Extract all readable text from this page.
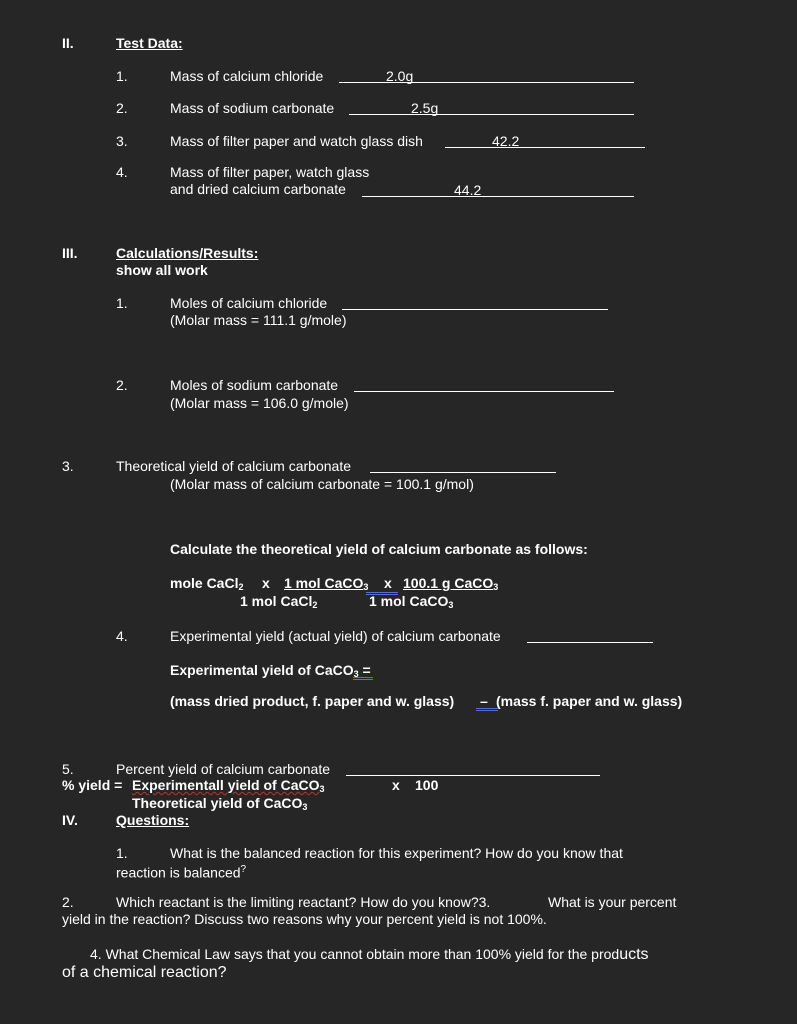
II.	Test Data:
1.	Mass of calcium chloride	2.0g
2.	Mass of sodium carbonate	2.5g
3.	Mass of filter paper and watch glass dish	42.2
4.	Mass of filter paper, watch glass
and dried calcium carbonate	44.2
III.	Calculations/Results:
show all work
1.	Moles of calcium chloride
(Molar mass = 111.1 g/mole)
2.	Moles of sodium carbonate
(Molar mass = 106.0 g/mole)
3.	Theoretical yield of calcium carbonate
(Molar mass of calcium carbonate = 100.1 g/mol)
Calculate the theoretical yield of calcium carbonate as follows:
mole CaCl$_2$ x 1 mol CaCO$_3$ x 100.1 g CaCO$_3$
1 mol CaCl$_2$	1 mol CaCO$_3$
4.	Experimental yield (actual yield) of calcium carbonate
Experimental yield of CaCO$_3$ =
(mass dried product, f. paper and w. glass) – (mass f. paper and w. glass)
5.	Percent yield of calcium carbonate
% yield = Experimentall yield of CaCO$_3$	x 100
Theoretical yield of CaCO$_3$
IV.	Questions:
1.	What is the balanced reaction for this experiment? How do you know that
reaction is balanced?
2.	Which reactant is the limiting reactant? How do you know?3.	What is your percent
yield in the reaction? Discuss two reasons why your percent yield is not 100%.
4. What Chemical Law says that you cannot obtain more than 100% yield for the products
of a chemical reaction?
